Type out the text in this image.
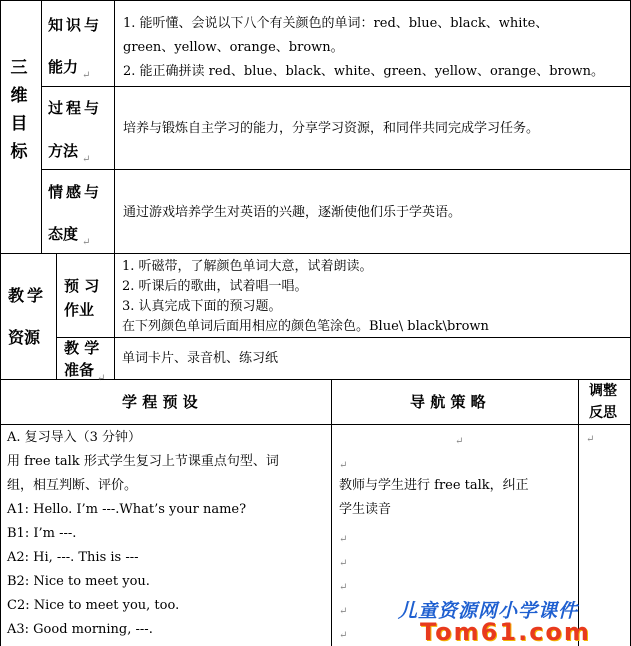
三
维
目
标
知识与
能力
1. 能听懂、会说以下八个有关颜色的单词：red、blue、black、white、
green、yellow、orange、brown。
2. 能正确拼读 red、blue、black、white、green、yellow、orange、brown。
过程与
方法
培养与锻炼自主学习的能力，分享学习资源，和同伴共同完成学习任务。
情感与
态度
通过游戏培养学生对英语的兴趣，逐渐使他们乐于学英语。
教学
资源
预 习
作业
1. 听磁带，了解颜色单词大意，试着朗读。
2. 听课后的歌曲，试着唱一唱。
3. 认真完成下面的预习题。
在下列颜色单词后面用相应的颜色笔涂色。Blue\ black\brown
教 学
准备
单词卡片、录音机、练习纸
学 程 预 设	导 航 策 略
调整
反思
A. 复习导入（3 分钟）
用 free talk 形式学生复习上节课重点句型、词
组，相互判断、评价。
A1: Hello. I’m ---.What’s your name?
B1: I’m ---.
A2: Hi, ---. This is ---
B2: Nice to meet you.
C2: Nice to meet you, too.
A3: Good morning, ---.
教师与学生进行 free talk，纠正
学生读音
↵
↵
↵
↵
↵	↵
↵
↵
↵
↵
↵
↵
儿童资源网小学课件
Tom61.com
